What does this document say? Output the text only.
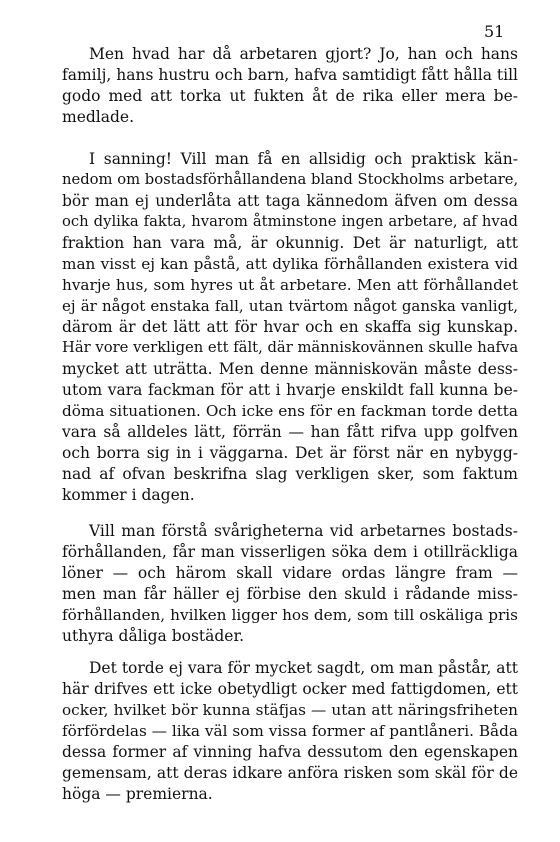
51
Men hvad har då arbetaren gjort? Jo, han och hans
familj, hans hustru och barn, hafva samtidigt fått hålla till
godo med att torka ut fukten åt de rika eller mera be-
medlade.
I sanning! Vill man få en allsidig och praktisk kän-
nedom om bostadsförhållandena bland Stockholms arbetare,
bör man ej underlåta att taga kännedom äfven om dessa
och dylika fakta, hvarom åtminstone ingen arbetare, af hvad
fraktion han vara må, är okunnig. Det är naturligt, att
man visst ej kan påstå, att dylika förhållanden existera vid
hvarje hus, som hyres ut åt arbetare. Men att förhållandet
ej är något enstaka fall, utan tvärtom något ganska vanligt,
därom är det lätt att för hvar och en skaffa sig kunskap.
Här vore verkligen ett fält, där människovännen skulle hafva
mycket att uträtta. Men denne människovän måste dess-
utom vara fackman för att i hvarje enskildt fall kunna be-
döma situationen. Och icke ens för en fackman torde detta
vara så alldeles lätt, förrän — han fått rifva upp golfven
och borra sig in i väggarna. Det är först när en nybygg-
nad af ofvan beskrifna slag verkligen sker, som faktum
kommer i dagen.
Vill man förstå svårigheterna vid arbetarnes bostads-
förhållanden, får man visserligen söka dem i otillräckliga
löner — och härom skall vidare ordas längre fram —
men man får häller ej förbise den skuld i rådande miss-
förhållanden, hvilken ligger hos dem, som till oskäliga pris
uthyra dåliga bostäder.
Det torde ej vara för mycket sagdt, om man påstår, att
här drifves ett icke obetydligt ocker med fattigdomen, ett
ocker, hvilket bör kunna stäfjas — utan att näringsfriheten
förfördelas — lika väl som vissa former af pantlåneri. Båda
dessa former af vinning hafva dessutom den egenskapen
gemensam, att deras idkare anföra risken som skäl för de
höga — premierna.
